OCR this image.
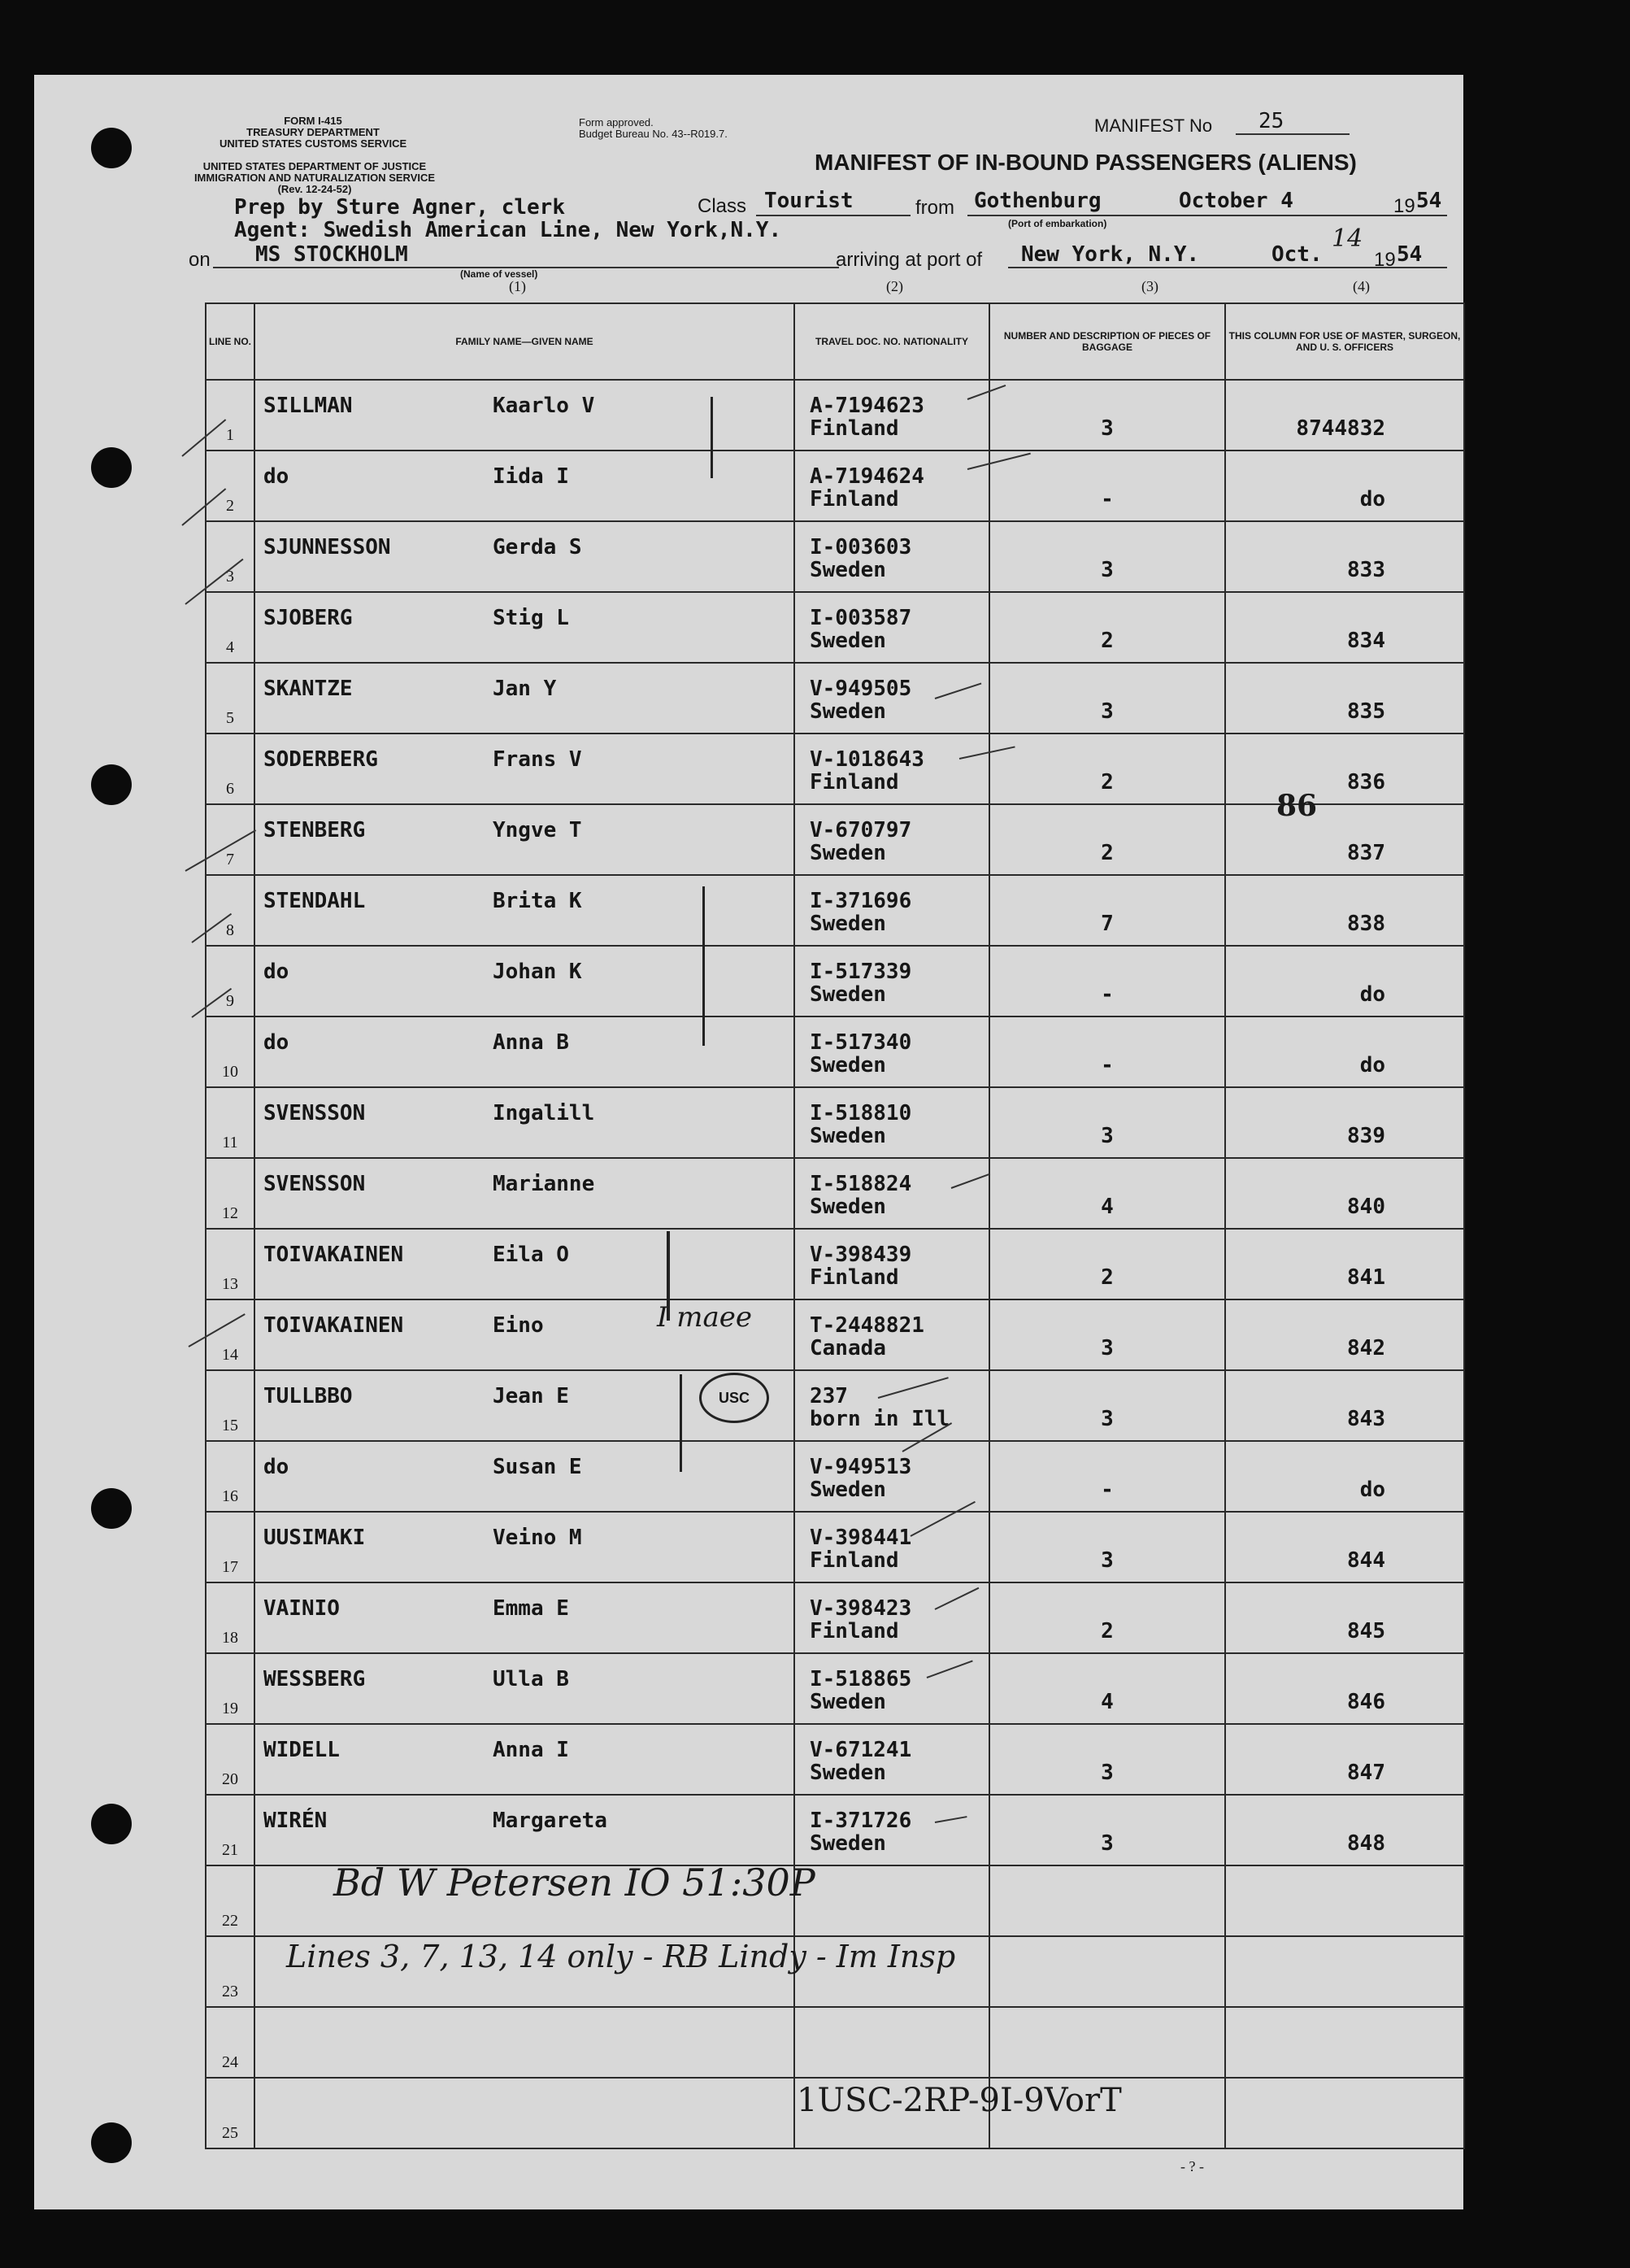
FORM I-415
TREASURY DEPARTMENT
UNITED STATES CUSTOMS SERVICE
UNITED STATES DEPARTMENT OF JUSTICE
IMMIGRATION AND NATURALIZATION SERVICE
(Rev. 12-24-52)
Form approved.
Budget Bureau No. 43--R019.7.	MANIFEST No 25
MANIFEST OF IN-BOUND PASSENGERS (ALIENS)
Prep by Sture Agner, clerk
Agent: Swedish American Line, New York,N.Y.
Class Tourist	from Gothenburg	October 4	19 54
(Port of embarkation)
on MS STOCKHOLM
(Name of vessel)
arriving at port of New York, N.Y.	Oct.
14
19 54
(1)	(2)	(3)	(4)
LINE NO.	FAMILY NAME—GIVEN NAME	TRAVEL DOC. NO. NATIONALITY	NUMBER AND DESCRIPTION OF PIECES OF BAGGAGE	THIS COLUMN FOR USE OF MASTER, SURGEON, AND U. S. OFFICERS

1	SILLMAN Kaarlo V	A-7194623
Finland	3	8744832

2	do Iida I	A-7194624
Finland	-	do

3	SJUNNESSON Gerda S	I-003603
Sweden	3	833

4	SJOBERG Stig L	I-003587
Sweden	2	834

5	SKANTZE Jan Y	V-949505
Sweden	3	835

6	SODERBERG Frans V	V-1018643
Finland	2	836

7	STENBERG Yngve T	V-670797
Sweden	2	837

8	STENDAHL Brita K	I-371696
Sweden	7	838

9	do Johan K	I-517339
Sweden	-	do

10	do Anna B	I-517340
Sweden	-	do

11	SVENSSON Ingalill	I-518810
Sweden	3	839

12	SVENSSON Marianne	I-518824
Sweden	4	840

13	TOIVAKAINEN Eila O	V-398439
Finland	2	841

14	TOIVAKAINEN Eino	T-2448821
Canada	3	842

15	TULLBBO Jean E	237
born in Ill	3	843

16	do Susan E	V-949513
Sweden	-	do

17	UUSIMAKI Veino M	V-398441
Finland	3	844

18	VAINIO Emma E	V-398423
Finland	2	845

19	WESSBERG Ulla B	I-518865
Sweden	4	846

20	WIDELL Anna I	V-671241
Sweden	3	847

21	WIRÉN Margareta	I-371726
Sweden	3	848

22				

23				

24				

25				

86
USC
I maee
Bd W Petersen IO 51:30P
Lines 3, 7, 13, 14 only - RB Lindy - Im Insp
1USC-2RP-9I-9VorT
- ? -
